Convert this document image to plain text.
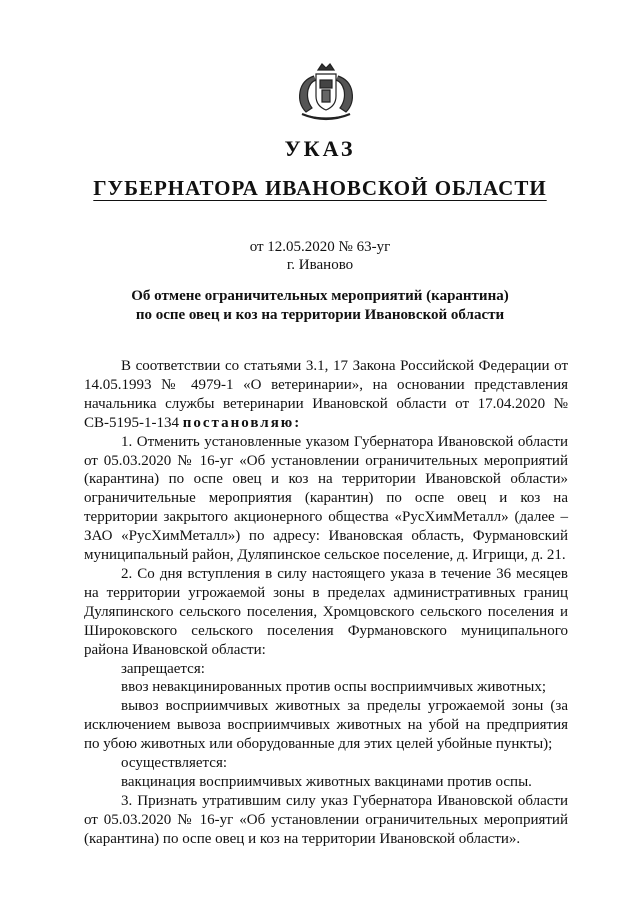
УКАЗ
ГУБЕРНАТОРА ИВАНОВСКОЙ ОБЛАСТИ
от 12.05.2020 № 63-уг
г. Иваново
Об отмене ограничительных мероприятий (карантина)
по оспе овец и коз на территории Ивановской области

В соответствии со статьями 3.1, 17 Закона Российской Федерации от 14.05.1993 № 4979-1 «О ветеринарии», на основании представления начальника службы ветеринарии Ивановской области от 17.04.2020 № СВ-5195-1-134 постановляю:

1. Отменить установленные указом Губернатора Ивановской области от 05.03.2020 № 16-уг «Об установлении ограничительных мероприятий (карантина) по оспе овец и коз на территории Ивановской области» ограничительные мероприятия (карантин) по оспе овец и коз на территории закрытого акционерного общества «РусХимМеталл» (далее – ЗАО «РусХимМеталл») по адресу: Ивановская область, Фурмановский муниципальный район, Дуляпинское сельское поселение, д. Игрищи, д. 21.

2. Со дня вступления в силу настоящего указа в течение 36 месяцев на территории угрожаемой зоны в пределах административных границ Дуляпинского сельского поселения, Хромцовского сельского поселения и Широковского сельского поселения Фурмановского муниципального района Ивановской области:

запрещается:

ввоз невакцинированных против оспы восприимчивых животных;

вывоз восприимчивых животных за пределы угрожаемой зоны (за исключением вывоза восприимчивых животных на убой на предприятия по убою животных или оборудованные для этих целей убойные пункты);

осуществляется:

вакцинация восприимчивых животных вакцинами против оспы.

3. Признать утратившим силу указ Губернатора Ивановской области от 05.03.2020 № 16-уг «Об установлении ограничительных мероприятий (карантина) по оспе овец и коз на территории Ивановской области».
